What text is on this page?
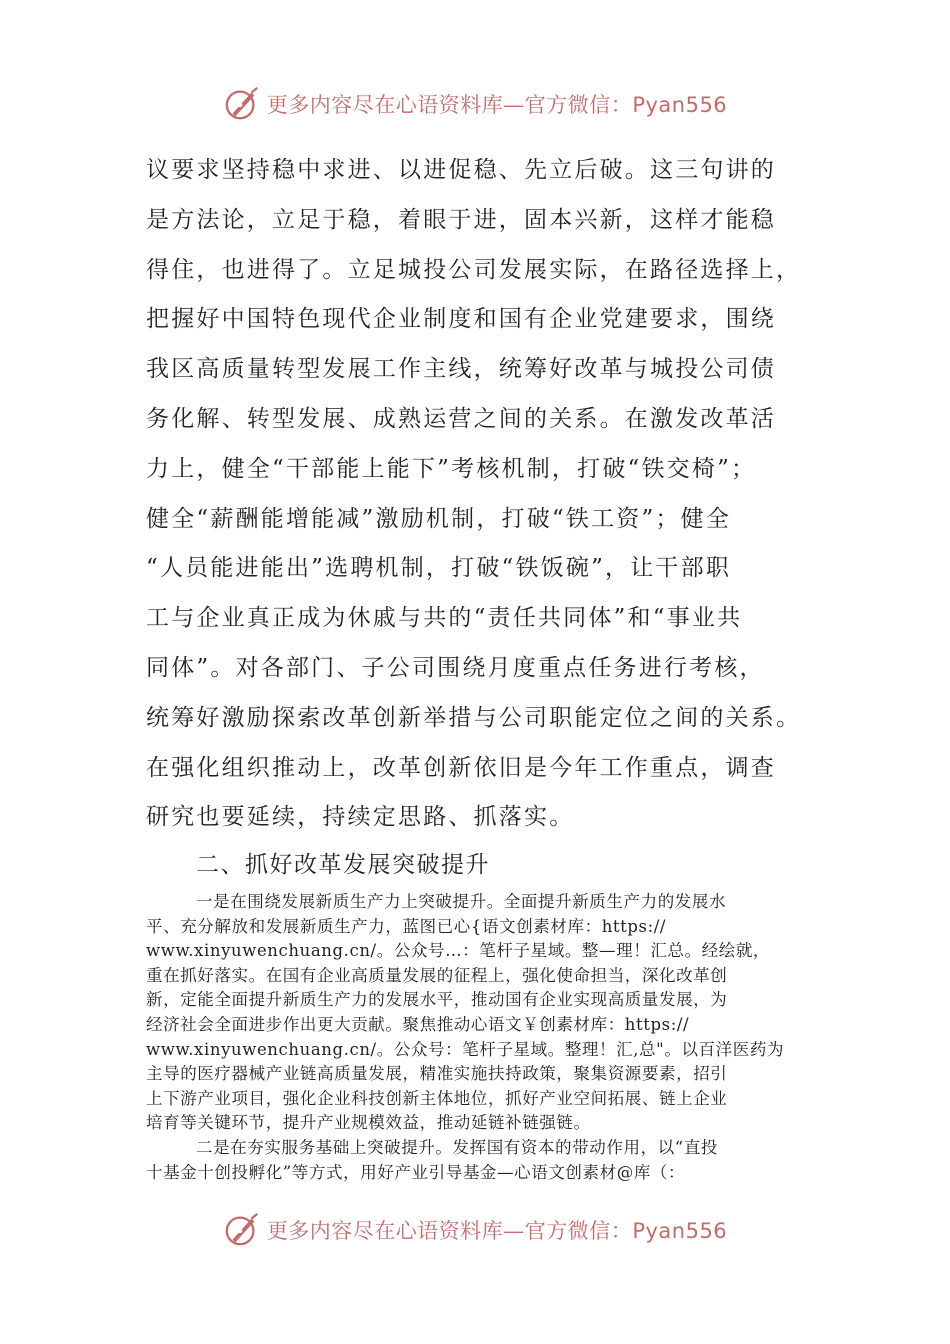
更多内容尽在心语资料库—官方微信：Pyan556
议要求坚持稳中求进、以进促稳、先立后破。这三句讲的
是方法论，立足于稳，着眼于进，固本兴新，这样才能稳
得住，也进得了。立足城投公司发展实际，在路径选择上，
把握好中国特色现代企业制度和国有企业党建要求，围绕
我区高质量转型发展工作主线，统筹好改革与城投公司债
务化解、转型发展、成熟运营之间的关系。在激发改革活
力上，健全“干部能上能下”考核机制，打破“铁交椅”；
健全“薪酬能增能减”激励机制，打破“铁工资”；健全
“人员能进能出”选聘机制，打破“铁饭碗”，让干部职
工与企业真正成为休戚与共的“责任共同体”和“事业共
同体”。对各部门、子公司围绕月度重点任务进行考核，
统筹好激励探索改革创新举措与公司职能定位之间的关系。
在强化组织推动上，改革创新依旧是今年工作重点，调查
研究也要延续，持续定思路、抓落实。
二、抓好改革发展突破提升
一是在围绕发展新质生产力上突破提升。全面提升新质生产力的发展水
平、充分解放和发展新质生产力，蓝图已心{语文创素材库：https://
www.xinyuwenchuang.cn/。公众号…：笔杆子星域。整—理！汇总。经绘就，
重在抓好落实。在国有企业高质量发展的征程上，强化使命担当，深化改革创
新，定能全面提升新质生产力的发展水平，推动国有企业实现高质量发展，为
经济社会全面进步作出更大贡献。聚焦推动心语文￥创素材库：https://
www.xinyuwenchuang.cn/。公众号：笔杆子星域。整理！汇,总"。以百洋医药为
主导的医疗器械产业链高质量发展，精准实施扶持政策，聚集资源要素，招引
上下游产业项目，强化企业科技创新主体地位，抓好产业空间拓展、链上企业
培育等关键环节，提升产业规模效益，推动延链补链强链。
二是在夯实服务基础上突破提升。发挥国有资本的带动作用，以“直投
十基金十创投孵化”等方式，用好产业引导基金—心语文创素材@库（：
更多内容尽在心语资料库—官方微信：Pyan556
